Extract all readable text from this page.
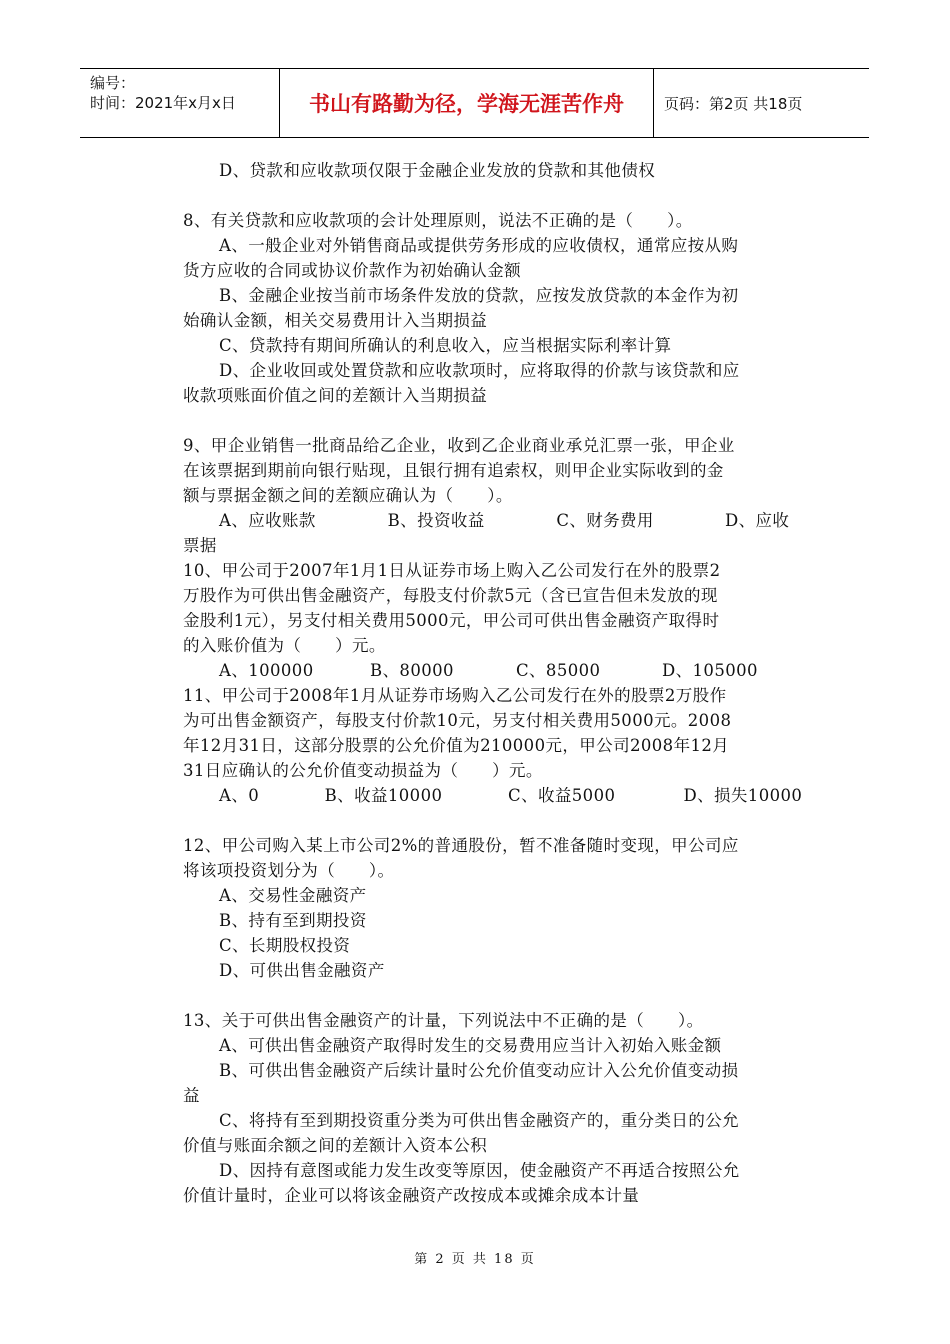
编号：
时间：2021年x月x日	书山有路勤为径，学海无涯苦作舟	页码：第2页 共18页

D、贷款和应收款项仅限于金融企业发放的贷款和其他债权

8、有关贷款和应收款项的会计处理原则，说法不正确的是（　　）。

A、一般企业对外销售商品或提供劳务形成的应收债权，通常应按从购

货方应收的合同或协议价款作为初始确认金额

B、金融企业按当前市场条件发放的贷款，应按发放贷款的本金作为初

始确认金额，相关交易费用计入当期损益

C、贷款持有期间所确认的利息收入，应当根据实际利率计算

D、企业收回或处置贷款和应收款项时，应将取得的价款与该贷款和应

收款项账面价值之间的差额计入当期损益

9、甲企业销售一批商品给乙企业，收到乙企业商业承兑汇票一张，甲企业

在该票据到期前向银行贴现，且银行拥有追索权，则甲企业实际收到的金

额与票据金额之间的差额应确认为（　　）。

A、应收账款	B、投资收益	C、财务费用	D、应收

票据

10、甲公司于2007年1月1日从证券市场上购入乙公司发行在外的股票2

万股作为可供出售金融资产，每股支付价款5元（含已宣告但未发放的现

金股利1元），另支付相关费用5000元，甲公司可供出售金融资产取得时

的入账价值为（　　）元。

A、100000	B、80000	C、85000	D、105000

11、甲公司于2008年1月从证券市场购入乙公司发行在外的股票2万股作

为可出售金额资产，每股支付价款10元，另支付相关费用5000元。2008

年12月31日，这部分股票的公允价值为210000元，甲公司2008年12月

31日应确认的公允价值变动损益为（　　）元。

A、0	B、收益10000	C、收益5000	D、损失10000

12、甲公司购入某上市公司2%的普通股份，暂不准备随时变现，甲公司应

将该项投资划分为（　　）。

A、交易性金融资产

B、持有至到期投资

C、长期股权投资

D、可供出售金融资产

13、关于可供出售金融资产的计量，下列说法中不正确的是（　　）。

A、可供出售金融资产取得时发生的交易费用应当计入初始入账金额

B、可供出售金融资产后续计量时公允价值变动应计入公允价值变动损

益

C、将持有至到期投资重分类为可供出售金融资产的，重分类日的公允

价值与账面余额之间的差额计入资本公积

D、因持有意图或能力发生改变等原因，使金融资产不再适合按照公允

价值计量时，企业可以将该金融资产改按成本或摊余成本计量

第 2 页 共 18 页
